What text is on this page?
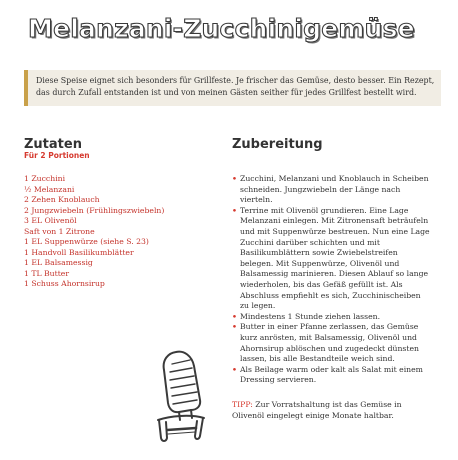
Melanzani-Zucchinigemüse
Diese Speise eignet sich besonders für Grillfeste. Je frischer das Gemüse, desto besser. Ein Rezept, das durch Zufall entstanden ist und von meinen Gästen seither für jedes Grillfest bestellt wird.
Zutaten
Für 2 Portionen
1 Zucchini
½ Melanzani
2 Zehen Knoblauch
2 Jungzwiebeln (Frühlingszwiebeln)
3 EL Olivenöl
Saft von 1 Zitrone
1 EL Suppenwürze (siehe S. 23)
1 Handvoll Basilikumblätter
1 EL Balsamessig
1 TL Butter
1 Schuss Ahornsirup
Zubereitung
• Zucchini, Melanzani und Knoblauch in Scheiben schneiden. Jungzwiebeln der Länge nach vierteln.
• Terrine mit Olivenöl grundieren. Eine Lage Melanzani einlegen. Mit Zitronensaft beträufeln und mit Suppenwürze bestreuen. Nun eine Lage Zucchini darüber schichten und mit Basilikumblättern sowie Zwiebelstreifen belegen. Mit Suppenwürze, Olivenöl und Balsamessig marinieren. Diesen Ablauf so lange wiederholen, bis das Gefäß gefüllt ist. Als Abschluss empfiehlt es sich, Zucchinischeiben zu legen.
• Mindestens 1 Stunde ziehen lassen.
• Butter in einer Pfanne zerlassen, das Gemüse kurz anrösten, mit Balsamessig, Olivenöl und Ahornsirup ablöschen und zugedeckt dünsten lassen, bis alle Bestandteile weich sind.
• Als Beilage warm oder kalt als Salat mit einem Dressing servieren.
TIPP: Zur Vorratshaltung ist das Gemüse in Olivenöl eingelegt einige Monate haltbar.
